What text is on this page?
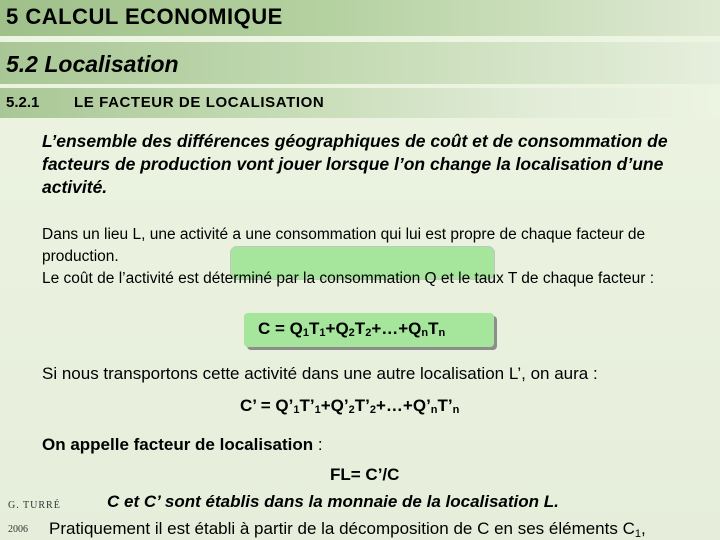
5 CALCUL ECONOMIQUE
5.2 Localisation
5.2.1 LE FACTEUR DE LOCALISATION
L’ensemble des différences géographiques de coût et de consommation de facteurs de production vont jouer lorsque l’on change la localisation d’une activité.
Dans un lieu L, une activité a une consommation qui lui est propre de chaque facteur de production.
Le coût de l’activité est déterminé par la consommation Q et le taux T de chaque facteur :
$C = Q_1T_1+Q_2T_2+\dots+Q_nT_n$
Si nous transportons cette activité dans une autre localisation L’, on aura :
C’ = $Q’_1T’_1+Q’_2T’_2+\dots+Q’_nT’_n$
On appelle facteur de localisation :
FL= C’/C
C et C’ sont établis dans la monnaie de la localisation L.
Pratiquement il est établi à partir de la décomposition de C en ses éléments $C_1$,
G. TURRÉ
2006
